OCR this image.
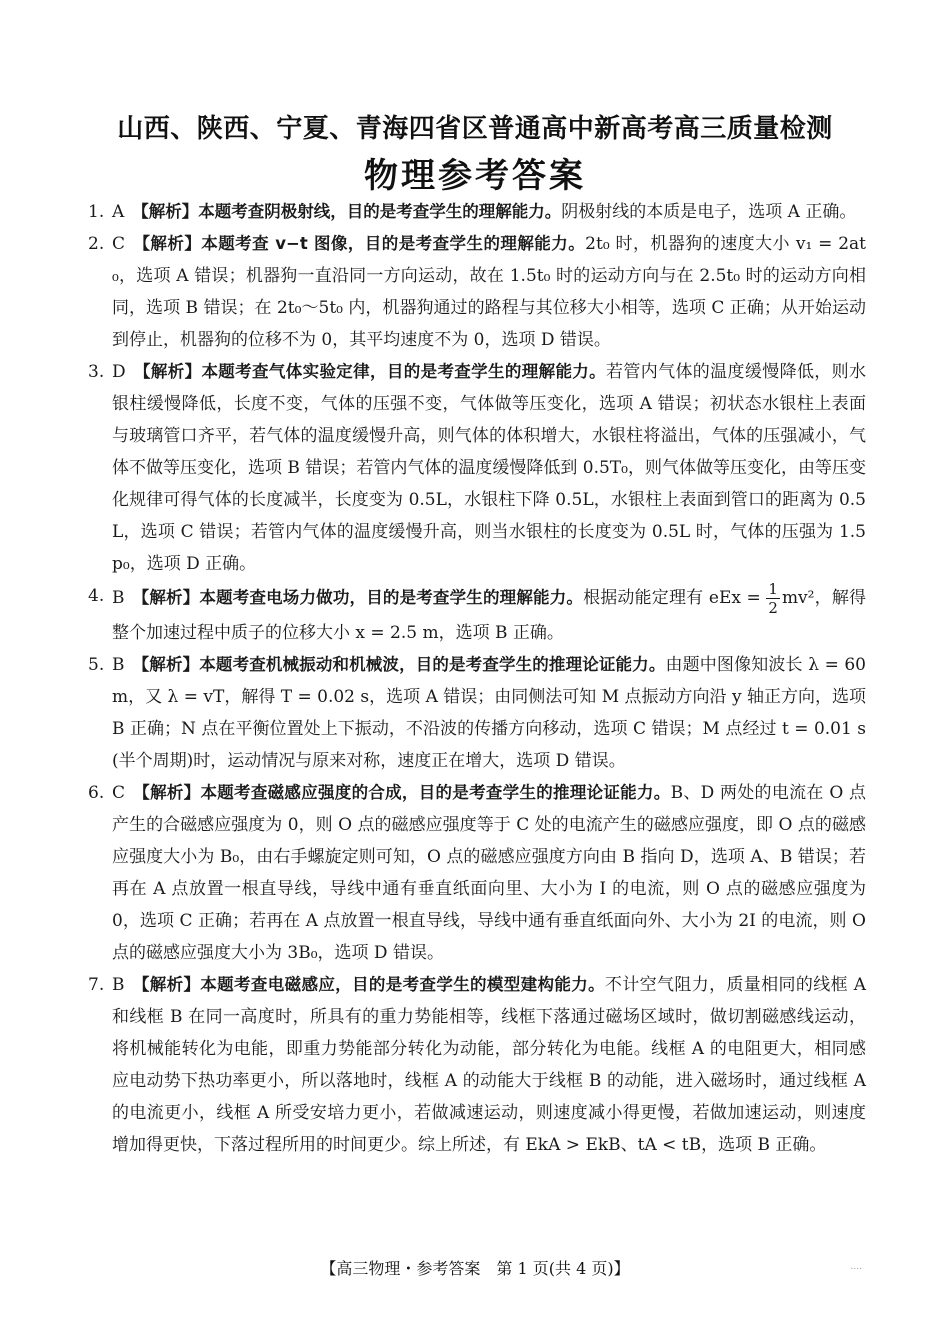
山西、陕西、宁夏、青海四省区普通高中新高考高三质量检测
物理参考答案

1. A 【解析】本题考查阴极射线，目的是考查学生的理解能力。阴极射线的本质是电子，选项 A 正确。

2. C 【解析】本题考查 v−t 图像，目的是考查学生的理解能力。2t₀ 时，机器狗的速度大小 v₁ = 2at₀，选项 A 错误；机器狗一直沿同一方向运动，故在 1.5t₀ 时的运动方向与在 2.5t₀ 时的运动方向相同，选项 B 错误；在 2t₀～5t₀ 内，机器狗通过的路程与其位移大小相等，选项 C 正确；从开始运动到停止，机器狗的位移不为 0，其平均速度不为 0，选项 D 错误。

3. D 【解析】本题考查气体实验定律，目的是考查学生的理解能力。若管内气体的温度缓慢降低，则水银柱缓慢降低，长度不变，气体的压强不变，气体做等压变化，选项 A 错误；初状态水银柱上表面与玻璃管口齐平，若气体的温度缓慢升高，则气体的体积增大，水银柱将溢出，气体的压强减小，气体不做等压变化，选项 B 错误；若管内气体的温度缓慢降低到 0.5T₀，则气体做等压变化，由等压变化规律可得气体的长度减半，长度变为 0.5L，水银柱下降 0.5L，水银柱上表面到管口的距离为 0.5L，选项 C 错误；若管内气体的温度缓慢升高，则当水银柱的长度变为 0.5L 时，气体的压强为 1.5p₀，选项 D 正确。

4. B 【解析】本题考查电场力做功，目的是考查学生的理解能力。根据动能定理有 eEx = $\frac{1}{2} mv^2$，解得整个加速过程中质子的位移大小 x = 2.5 m，选项 B 正确。

5. B 【解析】本题考查机械振动和机械波，目的是考查学生的推理论证能力。由题中图像知波长 λ = 60 m，又 λ = vT，解得 T = 0.02 s，选项 A 错误；由同侧法可知 M 点振动方向沿 y 轴正方向，选项 B 正确；N 点在平衡位置处上下振动，不沿波的传播方向移动，选项 C 错误；M 点经过 t = 0.01 s(半个周期)时，运动情况与原来对称，速度正在增大，选项 D 错误。

6. C 【解析】本题考查磁感应强度的合成，目的是考查学生的推理论证能力。B、D 两处的电流在 O 点产生的合磁感应强度为 0，则 O 点的磁感应强度等于 C 处的电流产生的磁感应强度，即 O 点的磁感应强度大小为 B₀，由右手螺旋定则可知，O 点的磁感应强度方向由 B 指向 D，选项 A、B 错误；若再在 A 点放置一根直导线，导线中通有垂直纸面向里、大小为 I 的电流，则 O 点的磁感应强度为 0，选项 C 正确；若再在 A 点放置一根直导线，导线中通有垂直纸面向外、大小为 2I 的电流，则 O 点的磁感应强度大小为 3B₀，选项 D 错误。

7. B 【解析】本题考查电磁感应，目的是考查学生的模型建构能力。不计空气阻力，质量相同的线框 A 和线框 B 在同一高度时，所具有的重力势能相等，线框下落通过磁场区域时，做切割磁感线运动，将机械能转化为电能，即重力势能部分转化为动能，部分转化为电能。线框 A 的电阻更大，相同感应电动势下热功率更小，所以落地时，线框 A 的动能大于线框 B 的动能，进入磁场时，通过线框 A 的电流更小，线框 A 所受安培力更小，若做减速运动，则速度减小得更慢，若做加速运动，则速度增加得更快，下落过程所用的时间更少。综上所述，有 EkA > EkB、tA < tB，选项 B 正确。

【高三物理・参考答案　第 1 页(共 4 页)】	....
